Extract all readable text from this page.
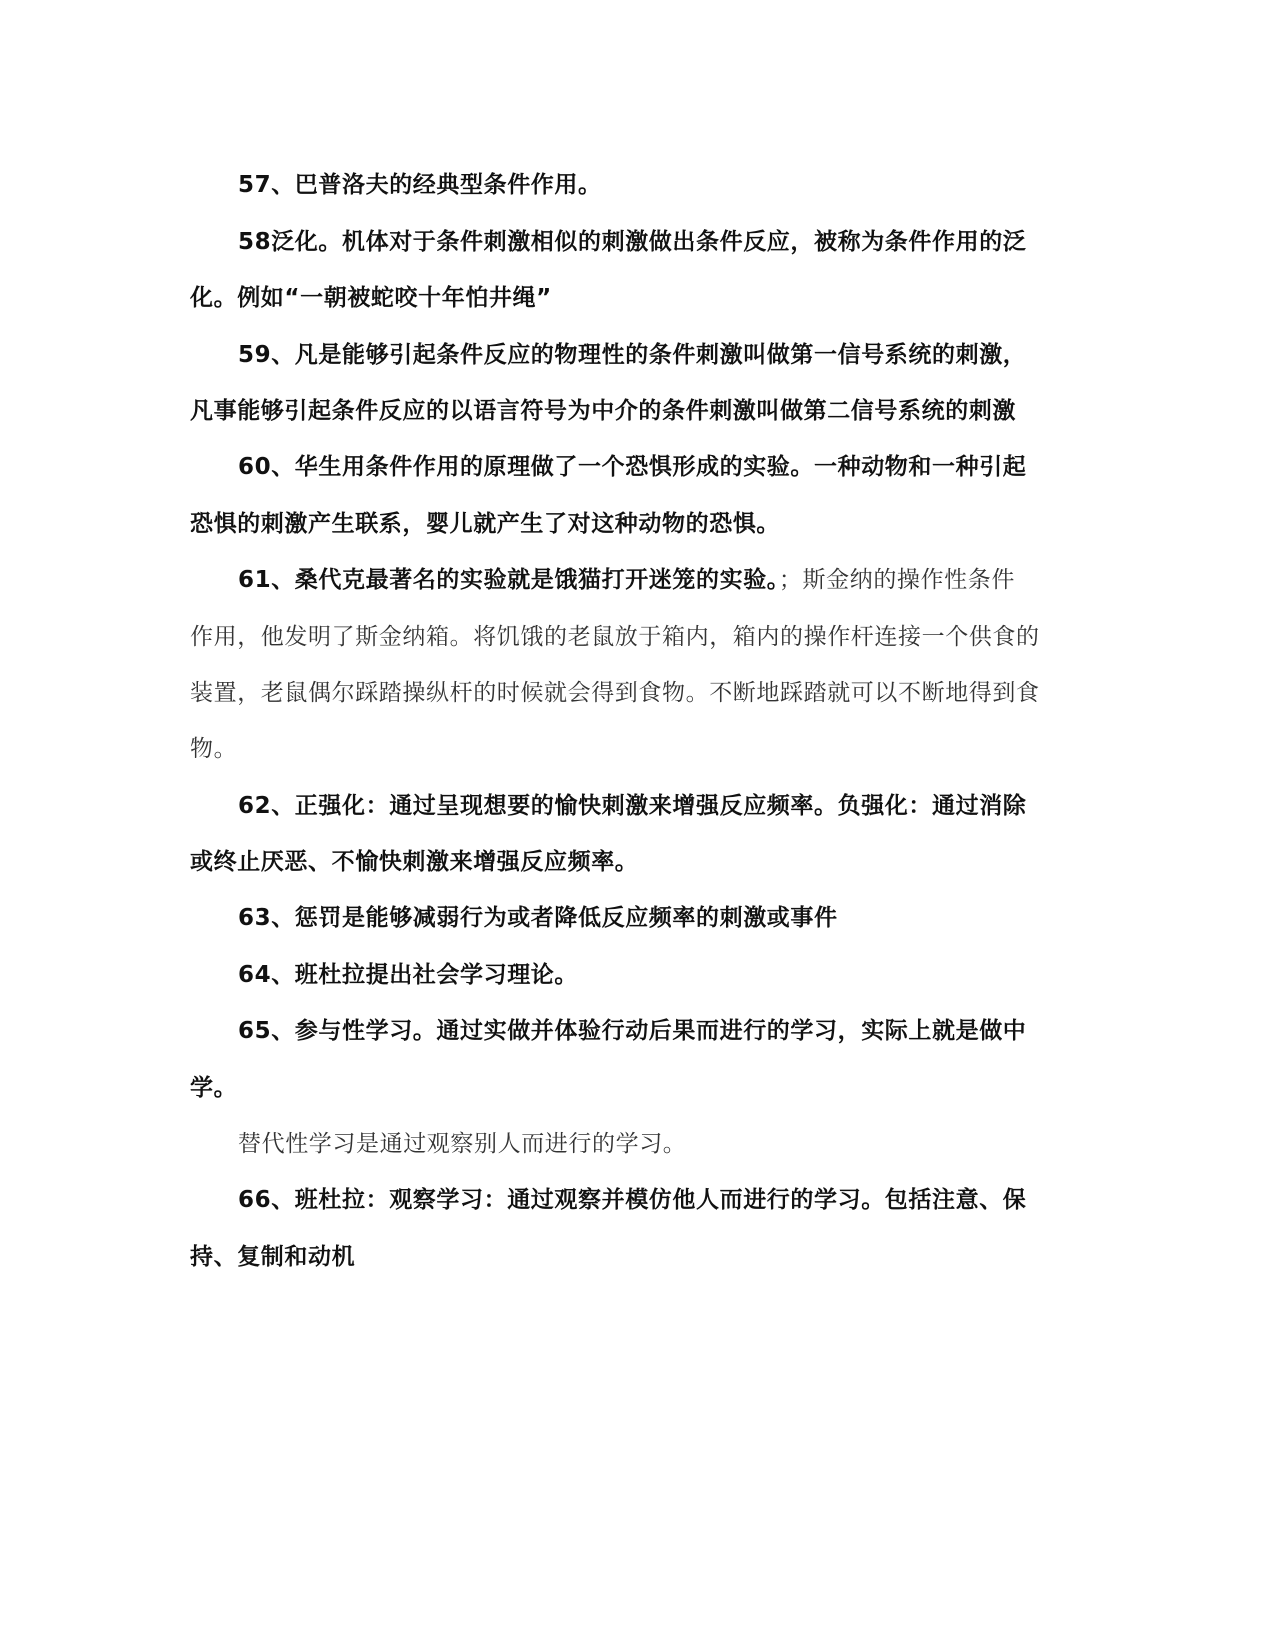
57、巴普洛夫的经典型条件作用。
58泛化。机体对于条件刺激相似的刺激做出条件反应，被称为条件作用的泛
化。例如“一朝被蛇咬十年怕井绳”
59、凡是能够引起条件反应的物理性的条件刺激叫做第一信号系统的刺激，
凡事能够引起条件反应的以语言符号为中介的条件刺激叫做第二信号系统的刺激
60、华生用条件作用的原理做了一个恐惧形成的实验。一种动物和一种引起
恐惧的刺激产生联系，婴儿就产生了对这种动物的恐惧。
61、桑代克最著名的实验就是饿猫打开迷笼的实验。；斯金纳的操作性条件
作用，他发明了斯金纳箱。将饥饿的老鼠放于箱内，箱内的操作杆连接一个供食的
装置，老鼠偶尔踩踏操纵杆的时候就会得到食物。不断地踩踏就可以不断地得到食
物。
62、正强化：通过呈现想要的愉快刺激来增强反应频率。负强化：通过消除
或终止厌恶、不愉快刺激来增强反应频率。
63、惩罚是能够减弱行为或者降低反应频率的刺激或事件
64、班杜拉提出社会学习理论。
65、参与性学习。通过实做并体验行动后果而进行的学习，实际上就是做中
学。
替代性学习是通过观察别人而进行的学习。
66、班杜拉：观察学习：通过观察并模仿他人而进行的学习。包括注意、保
持、复制和动机
